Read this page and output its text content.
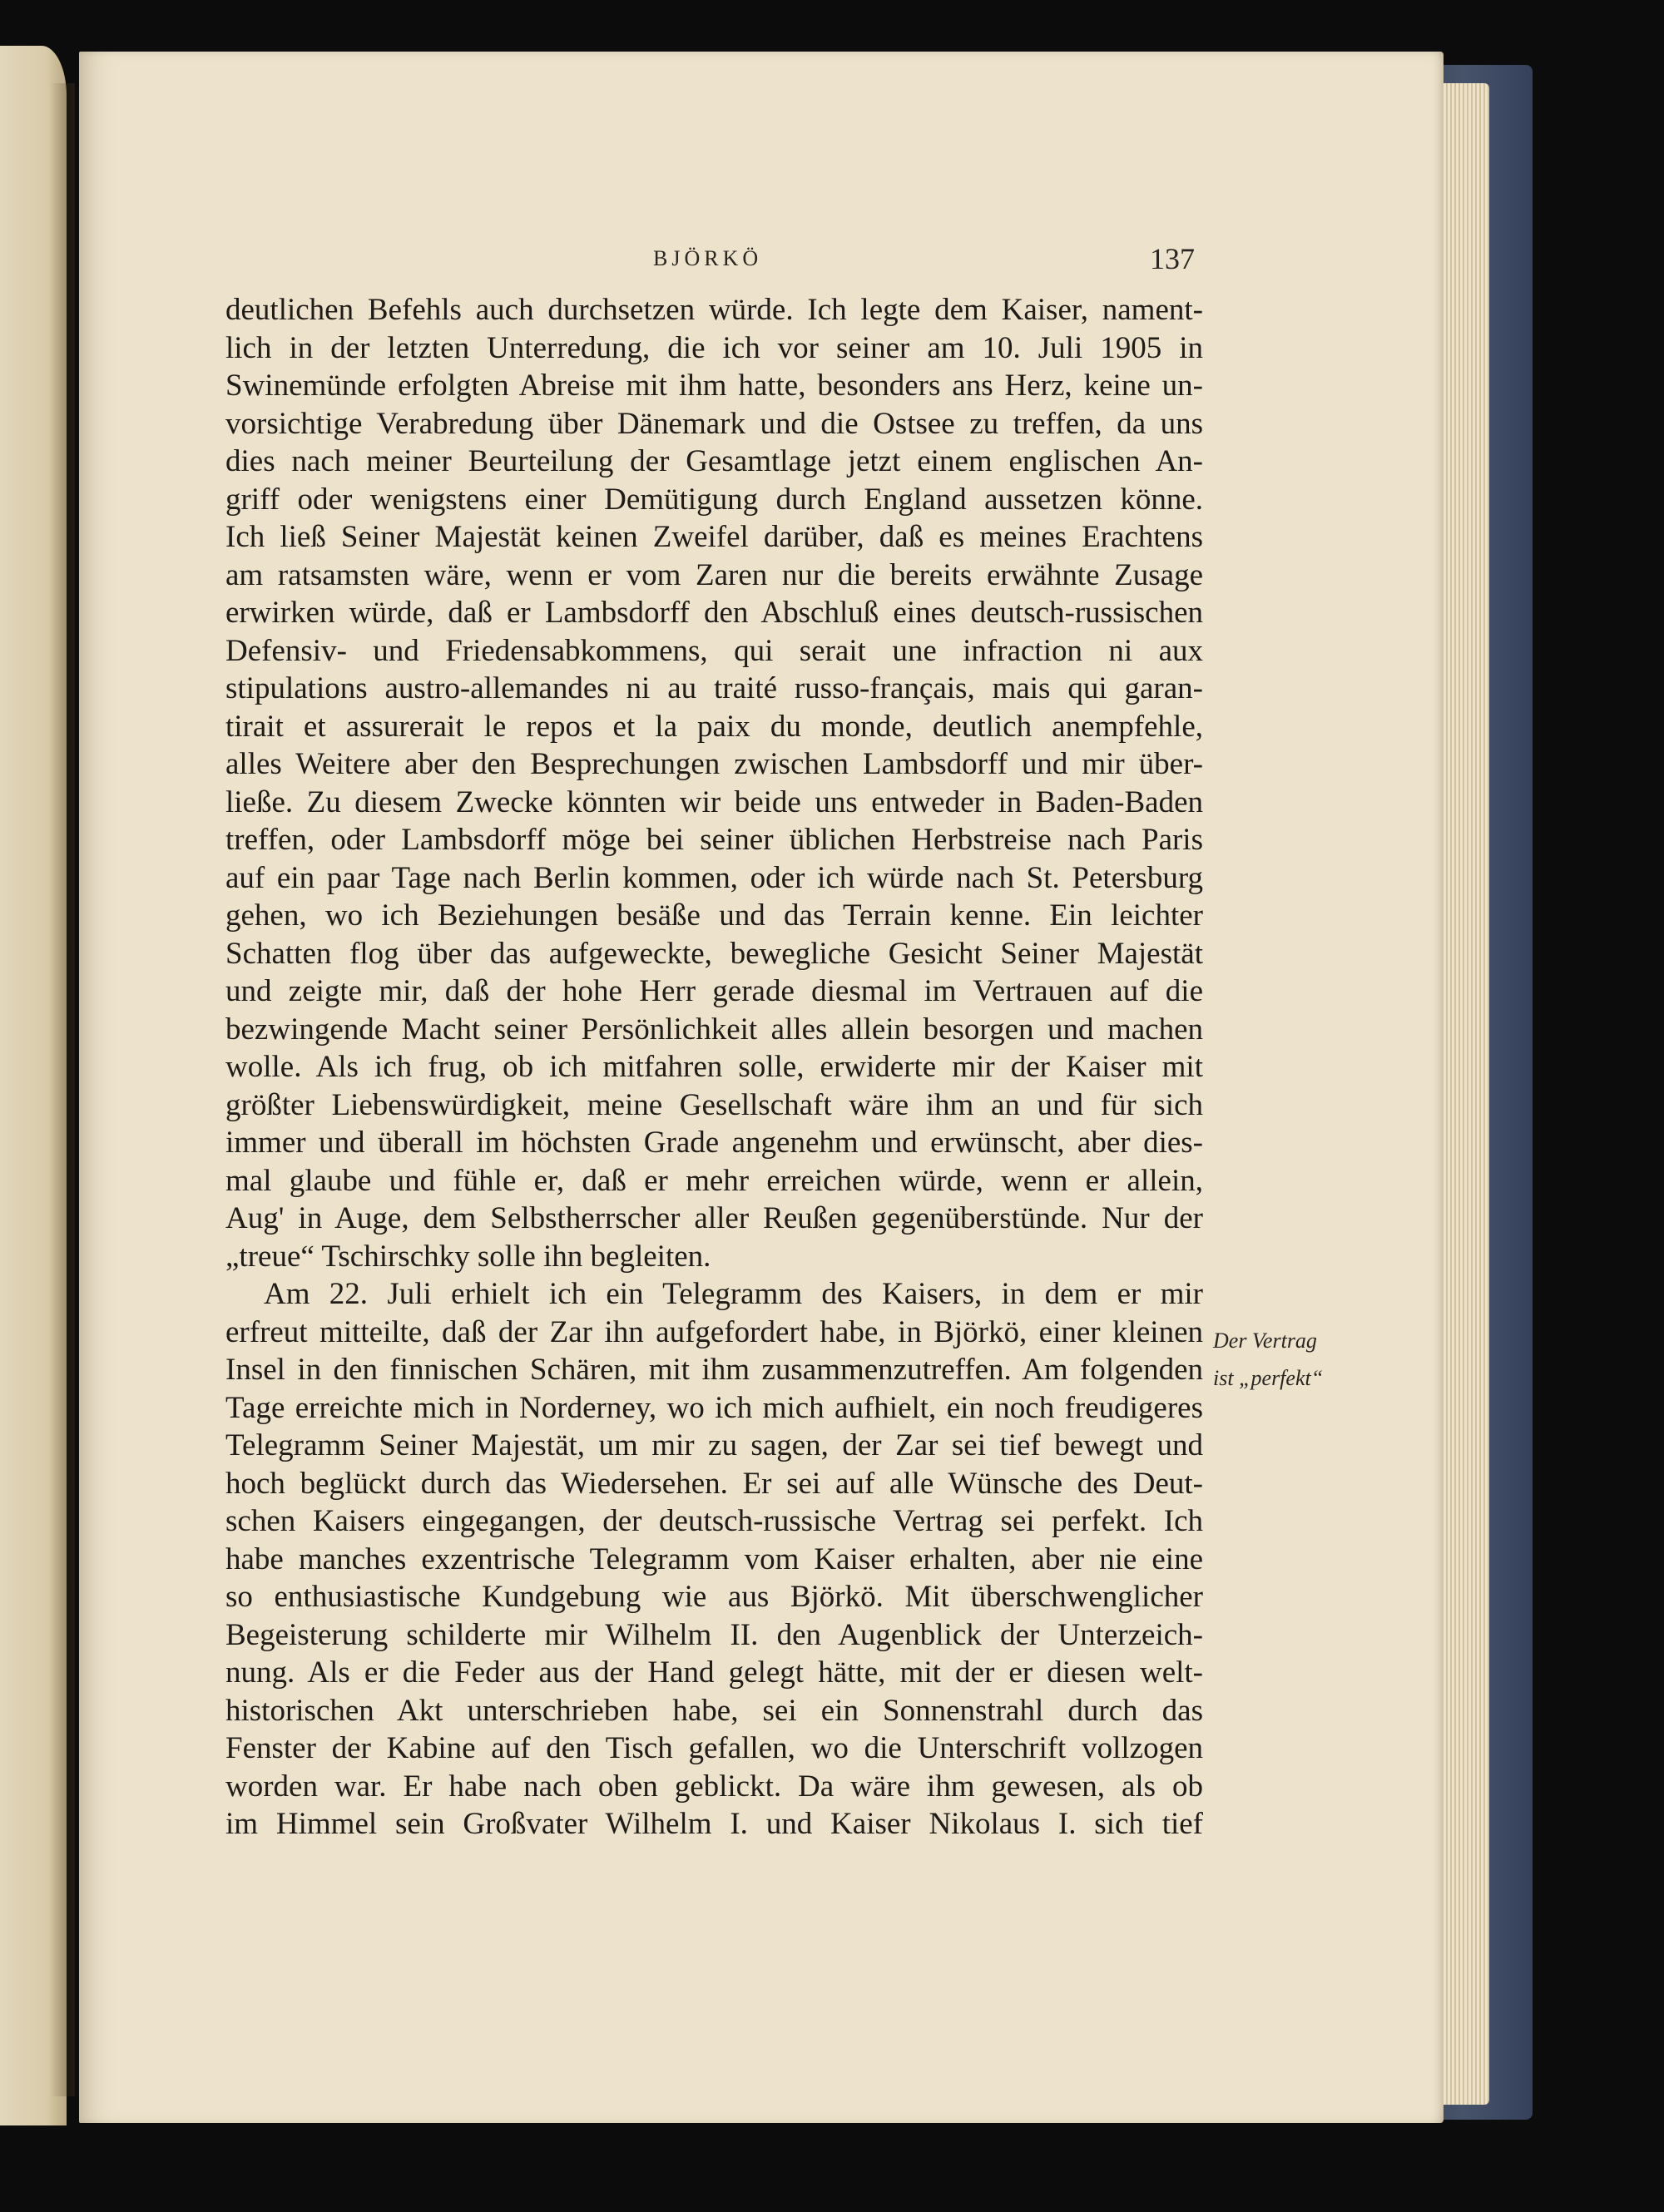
BJÖRKÖ	137
deutlichen Befehls auch durchsetzen würde. Ich legte dem Kaiser, nament-
lich in der letzten Unterredung, die ich vor seiner am 10. Juli 1905 in
Swinemünde erfolgten Abreise mit ihm hatte, besonders ans Herz, keine un-
vorsichtige Verabredung über Dänemark und die Ostsee zu treffen, da uns
dies nach meiner Beurteilung der Gesamtlage jetzt einem englischen An-
griff oder wenigstens einer Demütigung durch England aussetzen könne.
Ich ließ Seiner Majestät keinen Zweifel darüber, daß es meines Erachtens
am ratsamsten wäre, wenn er vom Zaren nur die bereits erwähnte Zusage
erwirken würde, daß er Lambsdorff den Abschluß eines deutsch-russischen
Defensiv- und Friedensabkommens, qui serait une infraction ni aux
stipulations austro-allemandes ni au traité russo-français, mais qui garan-
tirait et assurerait le repos et la paix du monde, deutlich anempfehle,
alles Weitere aber den Besprechungen zwischen Lambsdorff und mir über-
ließe. Zu diesem Zwecke könnten wir beide uns entweder in Baden-Baden
treffen, oder Lambsdorff möge bei seiner üblichen Herbstreise nach Paris
auf ein paar Tage nach Berlin kommen, oder ich würde nach St. Petersburg
gehen, wo ich Beziehungen besäße und das Terrain kenne. Ein leichter
Schatten flog über das aufgeweckte, bewegliche Gesicht Seiner Majestät
und zeigte mir, daß der hohe Herr gerade diesmal im Vertrauen auf die
bezwingende Macht seiner Persönlichkeit alles allein besorgen und machen
wolle. Als ich frug, ob ich mitfahren solle, erwiderte mir der Kaiser mit
größter Liebenswürdigkeit, meine Gesellschaft wäre ihm an und für sich
immer und überall im höchsten Grade angenehm und erwünscht, aber dies-
mal glaube und fühle er, daß er mehr erreichen würde, wenn er allein,
Aug' in Auge, dem Selbstherrscher aller Reußen gegenüberstünde. Nur der
„treue“ Tschirschky solle ihn begleiten.
Am 22. Juli erhielt ich ein Telegramm des Kaisers, in dem er mir
erfreut mitteilte, daß der Zar ihn aufgefordert habe, in Björkö, einer kleinen
Insel in den finnischen Schären, mit ihm zusammenzutreffen. Am folgenden
Tage erreichte mich in Norderney, wo ich mich aufhielt, ein noch freudigeres
Telegramm Seiner Majestät, um mir zu sagen, der Zar sei tief bewegt und
hoch beglückt durch das Wiedersehen. Er sei auf alle Wünsche des Deut-
schen Kaisers eingegangen, der deutsch-russische Vertrag sei perfekt. Ich
habe manches exzentrische Telegramm vom Kaiser erhalten, aber nie eine
so enthusiastische Kundgebung wie aus Björkö. Mit überschwenglicher
Begeisterung schilderte mir Wilhelm II. den Augenblick der Unterzeich-
nung. Als er die Feder aus der Hand gelegt hätte, mit der er diesen welt-
historischen Akt unterschrieben habe, sei ein Sonnenstrahl durch das
Fenster der Kabine auf den Tisch gefallen, wo die Unterschrift vollzogen
worden war. Er habe nach oben geblickt. Da wäre ihm gewesen, als ob
im Himmel sein Großvater Wilhelm I. und Kaiser Nikolaus I. sich tief
Der Vertrag
ist „perfekt“
